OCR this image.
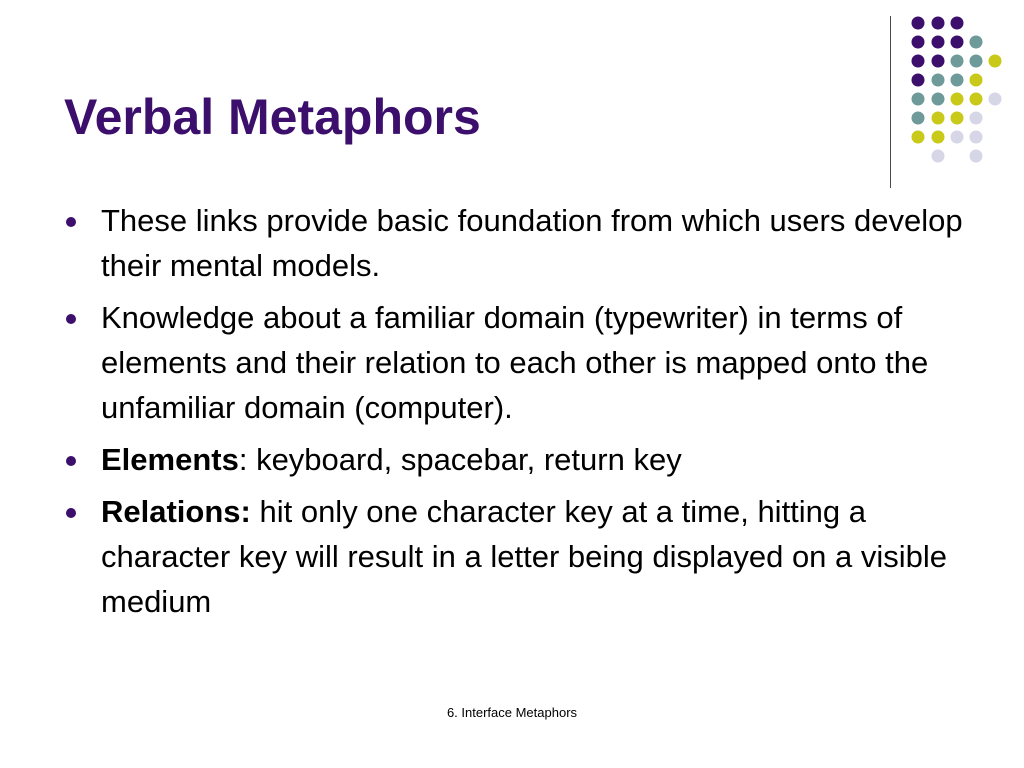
Verbal Metaphors
These links provide basic foundation from which users develop their mental models.
Knowledge about a familiar domain (typewriter) in terms of elements and their relation to each other is mapped onto the unfamiliar domain (computer).
Elements: keyboard, spacebar, return key
Relations: hit only one character key at a time, hitting a character key will result in a letter being displayed on a visible medium
6. Interface Metaphors
